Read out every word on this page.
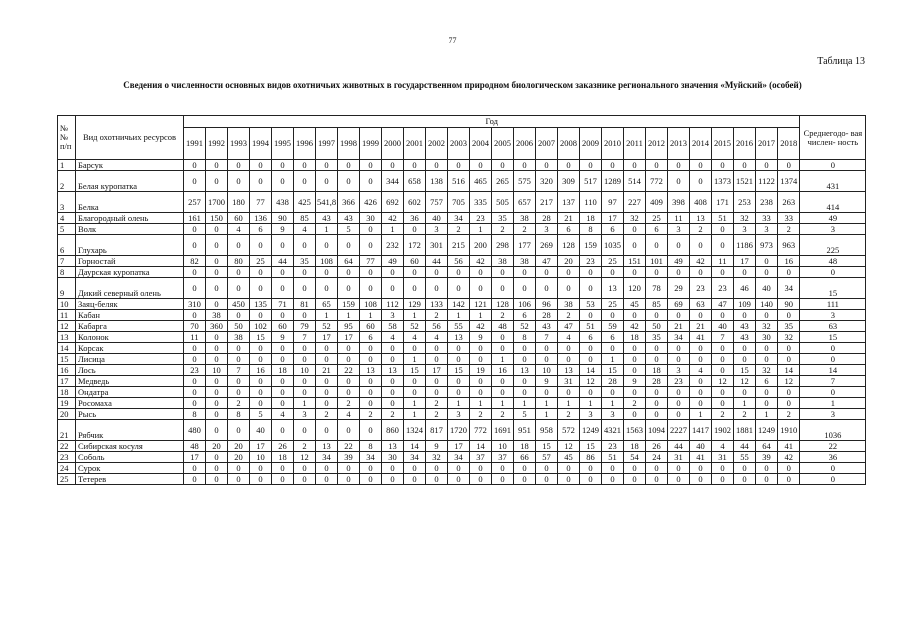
77
Таблица 13
Сведения о численности основных видов охотничьих животных в государственном природном биологическом заказнике регионального значения «Муйский» (особей)
№ № п/п	Вид охотничьих ресурсов	Год																												Среднегодо- вая числен- ность
		1991	1992	1993	1994	1995	1996	1997	1998	1999	2000	2001	2002	2003	2004	2005	2006	2007	2008	2009	2010	2011	2012	2013	2014	2015	2016	2017	2018	
1	Барсук	0	0	0	0	0	0	0	0	0	0	0	0	0	0	0	0	0	0	0	0	0	0	0	0	0	0	0	0	0
2	Белая куропатка	0	0	0	0	0	0	0	0	0	344	658	138	516	465	265	575	320	309	517	1289	514	772	0	0	1373	1521	1122	1374	431
3	Белка	257	1700	180	77	438	425	541,8	366	426	692	602	757	705	335	505	657	217	137	110	97	227	409	398	408	171	253	238	263	414
4	Благородный олень	161	150	60	136	90	85	43	43	30	42	36	40	34	23	35	38	28	21	18	17	32	25	11	13	51	32	33	33	49
5	Волк	0	0	4	6	9	4	1	5	0	1	0	3	2	1	2	2	3	6	8	6	0	6	3	2	0	3	3	2	3
6	Глухарь	0	0	0	0	0	0	0	0	0	232	172	301	215	200	298	177	269	128	159	1035	0	0	0	0	0	1186	973	963	225
7	Горностай	82	0	80	25	44	35	108	64	77	49	60	44	56	42	38	38	47	20	23	25	151	101	49	42	11	17	0	16	48
8	Даурская куропатка	0	0	0	0	0	0	0	0	0	0	0	0	0	0	0	0	0	0	0	0	0	0	0	0	0	0	0	0	0
9	Дикий северный олень	0	0	0	0	0	0	0	0	0	0	0	0	0	0	0	0	0	0	0	13	120	78	29	23	23	46	40	34	15
10	Заяц-беляк	310	0	450	135	71	81	65	159	108	112	129	133	142	121	128	106	96	38	53	25	45	85	69	63	47	109	140	90	111
11	Кабан	0	38	0	0	0	0	1	1	1	3	1	2	1	1	2	6	28	2	0	0	0	0	0	0	0	0	0	0	3
12	Кабарга	70	360	50	102	60	79	52	95	60	58	52	56	55	42	48	52	43	47	51	59	42	50	21	21	40	43	32	35	63
13	Колонок	11	0	38	15	9	7	17	17	6	4	4	4	13	9	0	8	7	4	6	6	18	35	34	41	7	43	30	32	15
14	Корсак	0	0	0	0	0	0	0	0	0	0	0	0	0	0	0	0	0	0	0	0	0	0	0	0	0	0	0	0	0
15	Лисица	0	0	0	0	0	0	0	0	0	0	1	0	0	0	1	0	0	0	0	1	0	0	0	0	0	0	0	0	0
16	Лось	23	10	7	16	18	10	21	22	13	13	15	17	15	19	16	13	10	13	14	15	0	18	3	4	0	15	32	14	14
17	Медведь	0	0	0	0	0	0	0	0	0	0	0	0	0	0	0	0	9	31	12	28	9	28	23	0	12	12	6	12	7
18	Ондатра	0	0	0	0	0	0	0	0	0	0	0	0	0	0	0	0	0	0	0	0	0	0	0	0	0	0	0	0	0
19	Росомаха	0	0	2	0	0	1	0	2	0	0	1	2	1	1	1	1	1	1	1	1	2	0	0	0	0	1	0	0	1
20	Рысь	8	0	8	5	4	3	2	4	2	2	1	2	3	2	2	5	1	2	3	3	0	0	0	1	2	2	1	2	3
21	Рябчик	480	0	0	40	0	0	0	0	0	860	1324	817	1720	772	1691	951	958	572	1249	4321	1563	1094	2227	1417	1902	1881	1249	1910	1036
22	Сибирская косуля	48	20	20	17	26	2	13	22	8	13	14	9	17	14	10	18	15	12	15	23	18	26	44	40	4	44	64	41	22
23	Соболь	17	0	20	10	18	12	34	39	34	30	34	32	34	37	37	66	57	45	86	51	54	24	31	41	31	55	39	42	36
24	Сурок	0	0	0	0	0	0	0	0	0	0	0	0	0	0	0	0	0	0	0	0	0	0	0	0	0	0	0	0	0
25	Тетерев	0	0	0	0	0	0	0	0	0	0	0	0	0	0	0	0	0	0	0	0	0	0	0	0	0	0	0	0	0
